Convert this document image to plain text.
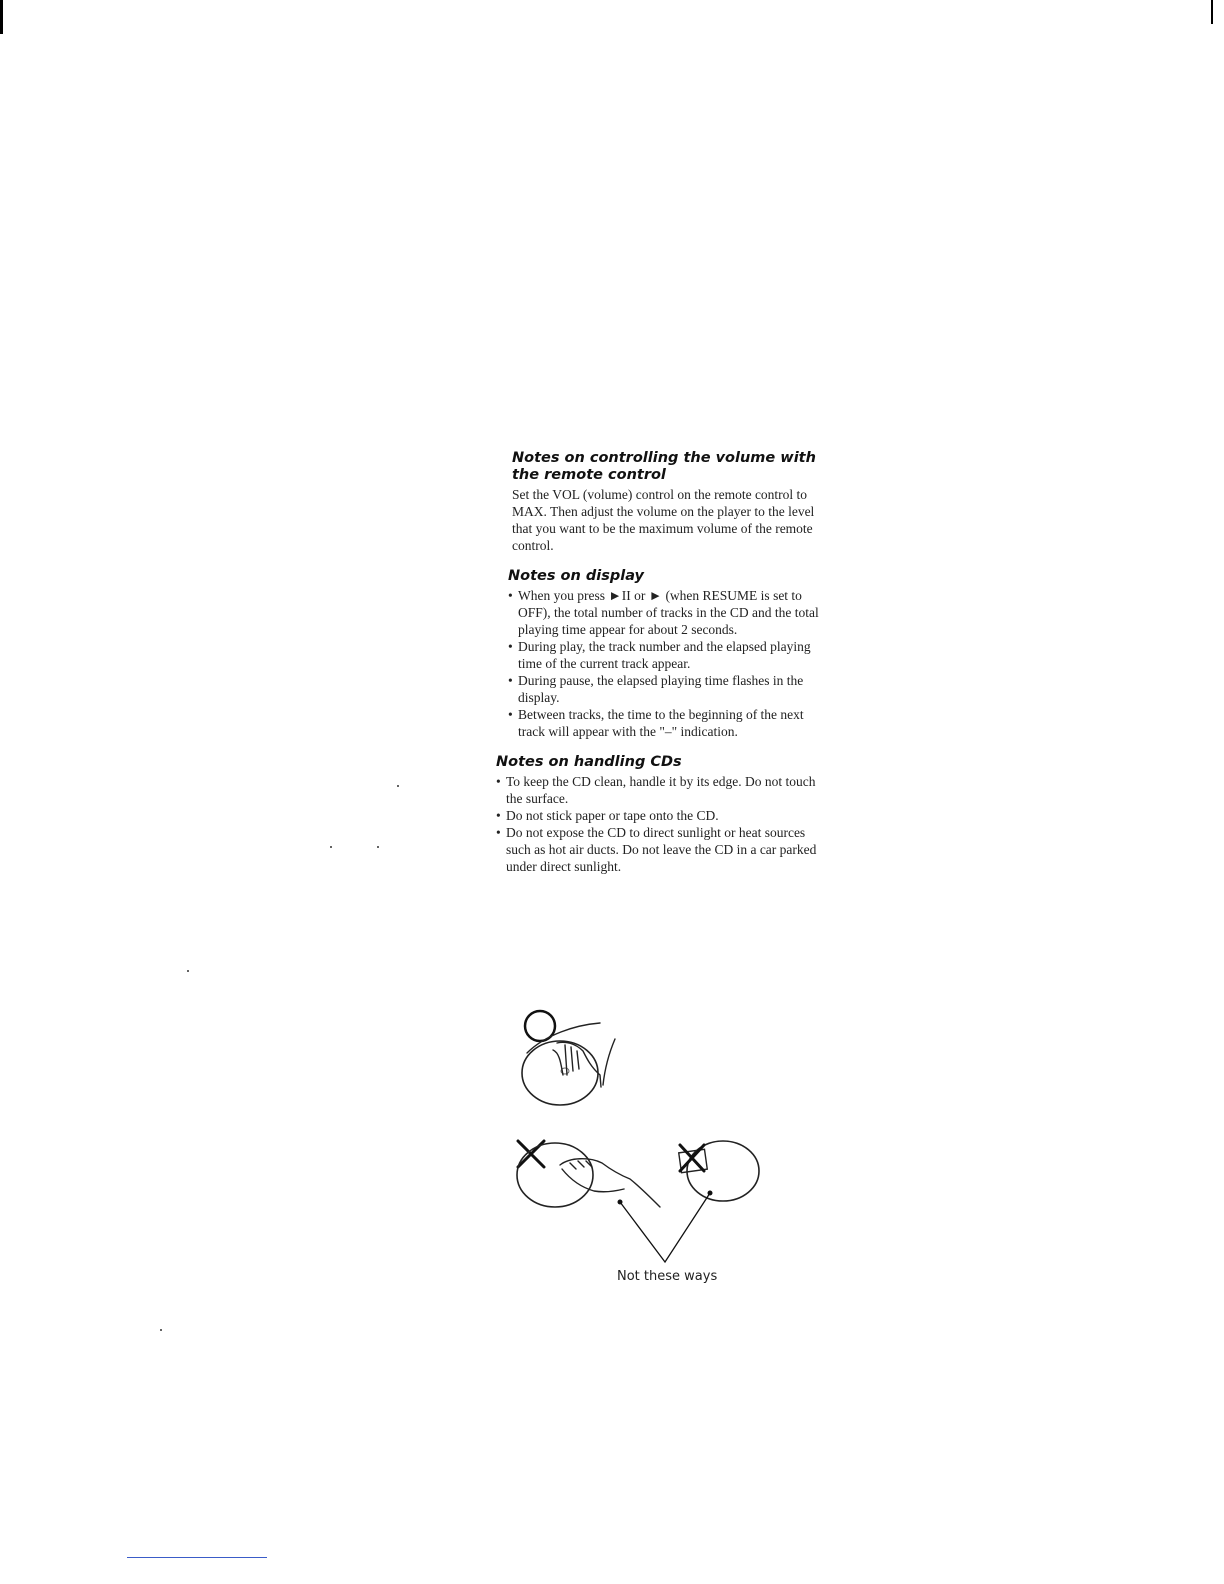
Notes on controlling the volume with the remote control

Set the VOL (volume) control on the remote control to MAX. Then adjust the volume on the player to the level that you want to be the maximum volume of the remote control.

Notes on display
• When you press ►II or ► (when RESUME is set to OFF), the total number of tracks in the CD and the total playing time appear for about 2 seconds.
• During play, the track number and the elapsed playing time of the current track appear.
• During pause, the elapsed playing time flashes in the display.
• Between tracks, the time to the beginning of the next track will appear with the "–" indication.
Notes on handling CDs
• To keep the CD clean, handle it by its edge. Do not touch the surface.
• Do not stick paper or tape onto the CD.
• Do not expose the CD to direct sunlight or heat sources such as hot air ducts. Do not leave the CD in a car parked under direct sunlight.
Not these ways
